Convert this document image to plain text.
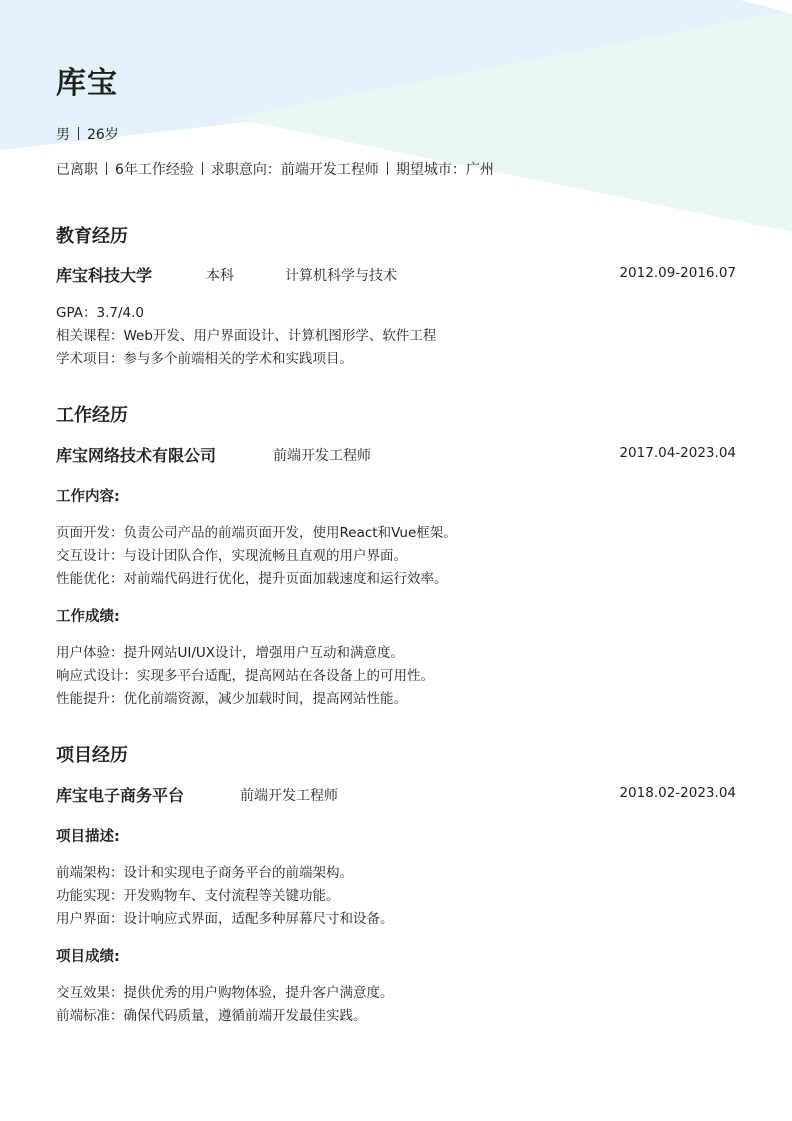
库宝
男 26岁
已离职 6年工作经验 求职意向：前端开发工程师 期望城市：广州
教育经历
库宝科技大学	本科	计算机科学与技术	2012.09-2016.07
GPA：3.7/4.0
相关课程：Web开发、用户界面设计、计算机图形学、软件工程
学术项目：参与多个前端相关的学术和实践项目。
工作经历
库宝网络技术有限公司	前端开发工程师	2017.04-2023.04
工作内容:
页面开发：负责公司产品的前端页面开发，使用React和Vue框架。
交互设计：与设计团队合作，实现流畅且直观的用户界面。
性能优化：对前端代码进行优化，提升页面加载速度和运行效率。
工作成绩:
用户体验：提升网站UI/UX设计，增强用户互动和满意度。
响应式设计：实现多平台适配，提高网站在各设备上的可用性。
性能提升：优化前端资源，减少加载时间，提高网站性能。
项目经历
库宝电子商务平台	前端开发工程师	2018.02-2023.04
项目描述:
前端架构：设计和实现电子商务平台的前端架构。
功能实现：开发购物车、支付流程等关键功能。
用户界面：设计响应式界面，适配多种屏幕尺寸和设备。
项目成绩:
交互效果：提供优秀的用户购物体验，提升客户满意度。
前端标准：确保代码质量，遵循前端开发最佳实践。
